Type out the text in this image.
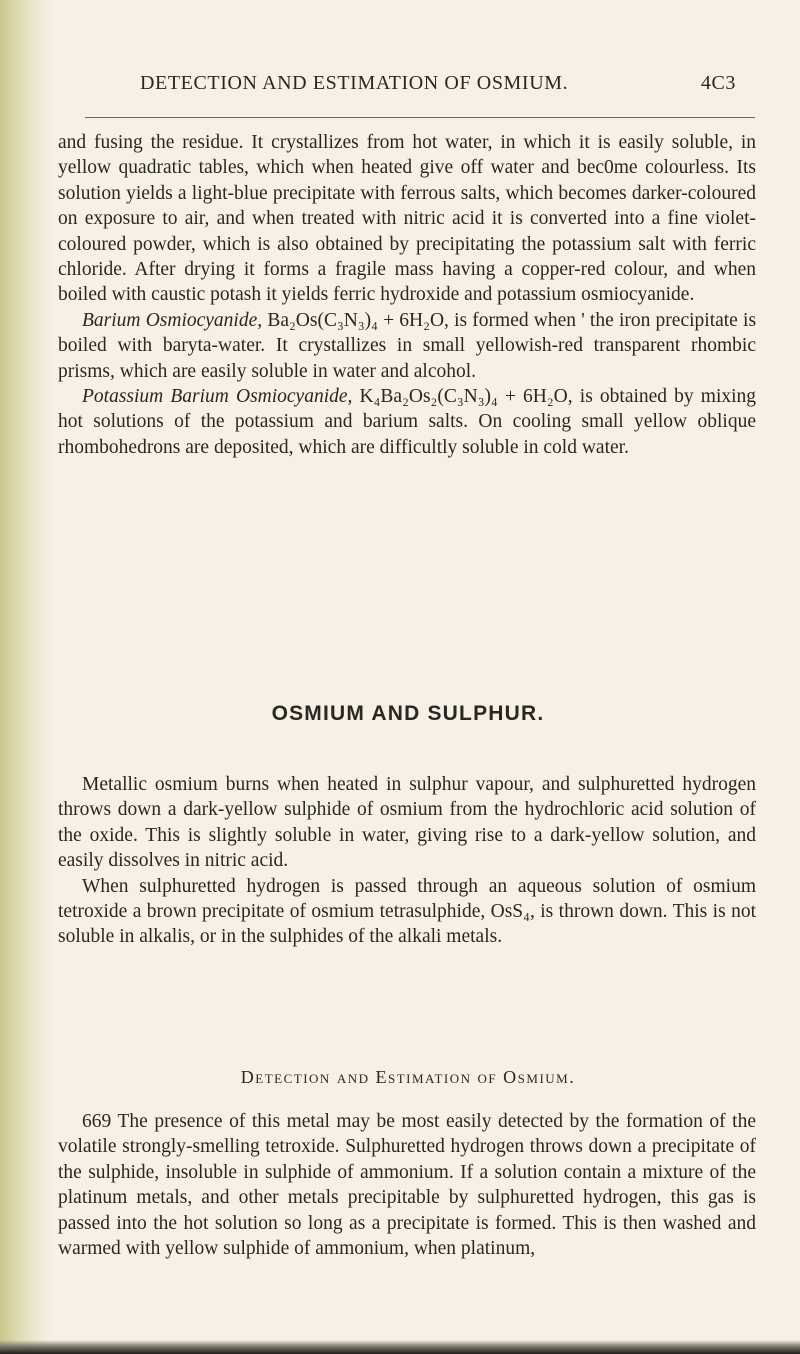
DETECTION AND ESTIMATION OF OSMIUM.	4C3

and fusing the residue. It crystallizes from hot water, in which it is easily soluble, in yellow quadratic tables, which when heated give off water and bec0me colourless. Its solution yields a light-blue precipitate with ferrous salts, which becomes darker-coloured on exposure to air, and when treated with nitric acid it is converted into a fine violet-coloured powder, which is also obtained by precipitating the potassium salt with ferric chloride. After drying it forms a fragile mass having a copper-red colour, and when boiled with caustic potash it yields ferric hydroxide and potassium osmiocyanide.

Barium Osmiocyanide, Ba₂Os(C₃N₃)₄ + 6H₂O, is formed when ' the iron precipitate is boiled with baryta-water. It crystallizes in small yellowish-red transparent rhombic prisms, which are easily soluble in water and alcohol.

Potassium Barium Osmiocyanide, K₄Ba₂Os₂(C₃N₃)₄ + 6H₂O, is obtained by mixing hot solutions of the potassium and barium salts. On cooling small yellow oblique rhombohedrons are deposited, which are difficultly soluble in cold water.

OSMIUM AND SULPHUR.

Metallic osmium burns when heated in sulphur vapour, and sulphuretted hydrogen throws down a dark-yellow sulphide of osmium from the hydrochloric acid solution of the oxide. This is slightly soluble in water, giving rise to a dark-yellow solution, and easily dissolves in nitric acid.

When sulphuretted hydrogen is passed through an aqueous solution of osmium tetroxide a brown precipitate of osmium tetrasulphide, OsS₄, is thrown down. This is not soluble in alkalis, or in the sulphides of the alkali metals.

Detection and Estimation of Osmium.

669 The presence of this metal may be most easily detected by the formation of the volatile strongly-smelling tetroxide. Sulphuretted hydrogen throws down a precipitate of the sulphide, insoluble in sulphide of ammonium. If a solution contain a mixture of the platinum metals, and other metals precipitable by sulphuretted hydrogen, this gas is passed into the hot solution so long as a precipitate is formed. This is then washed and warmed with yellow sulphide of ammonium, when platinum,
